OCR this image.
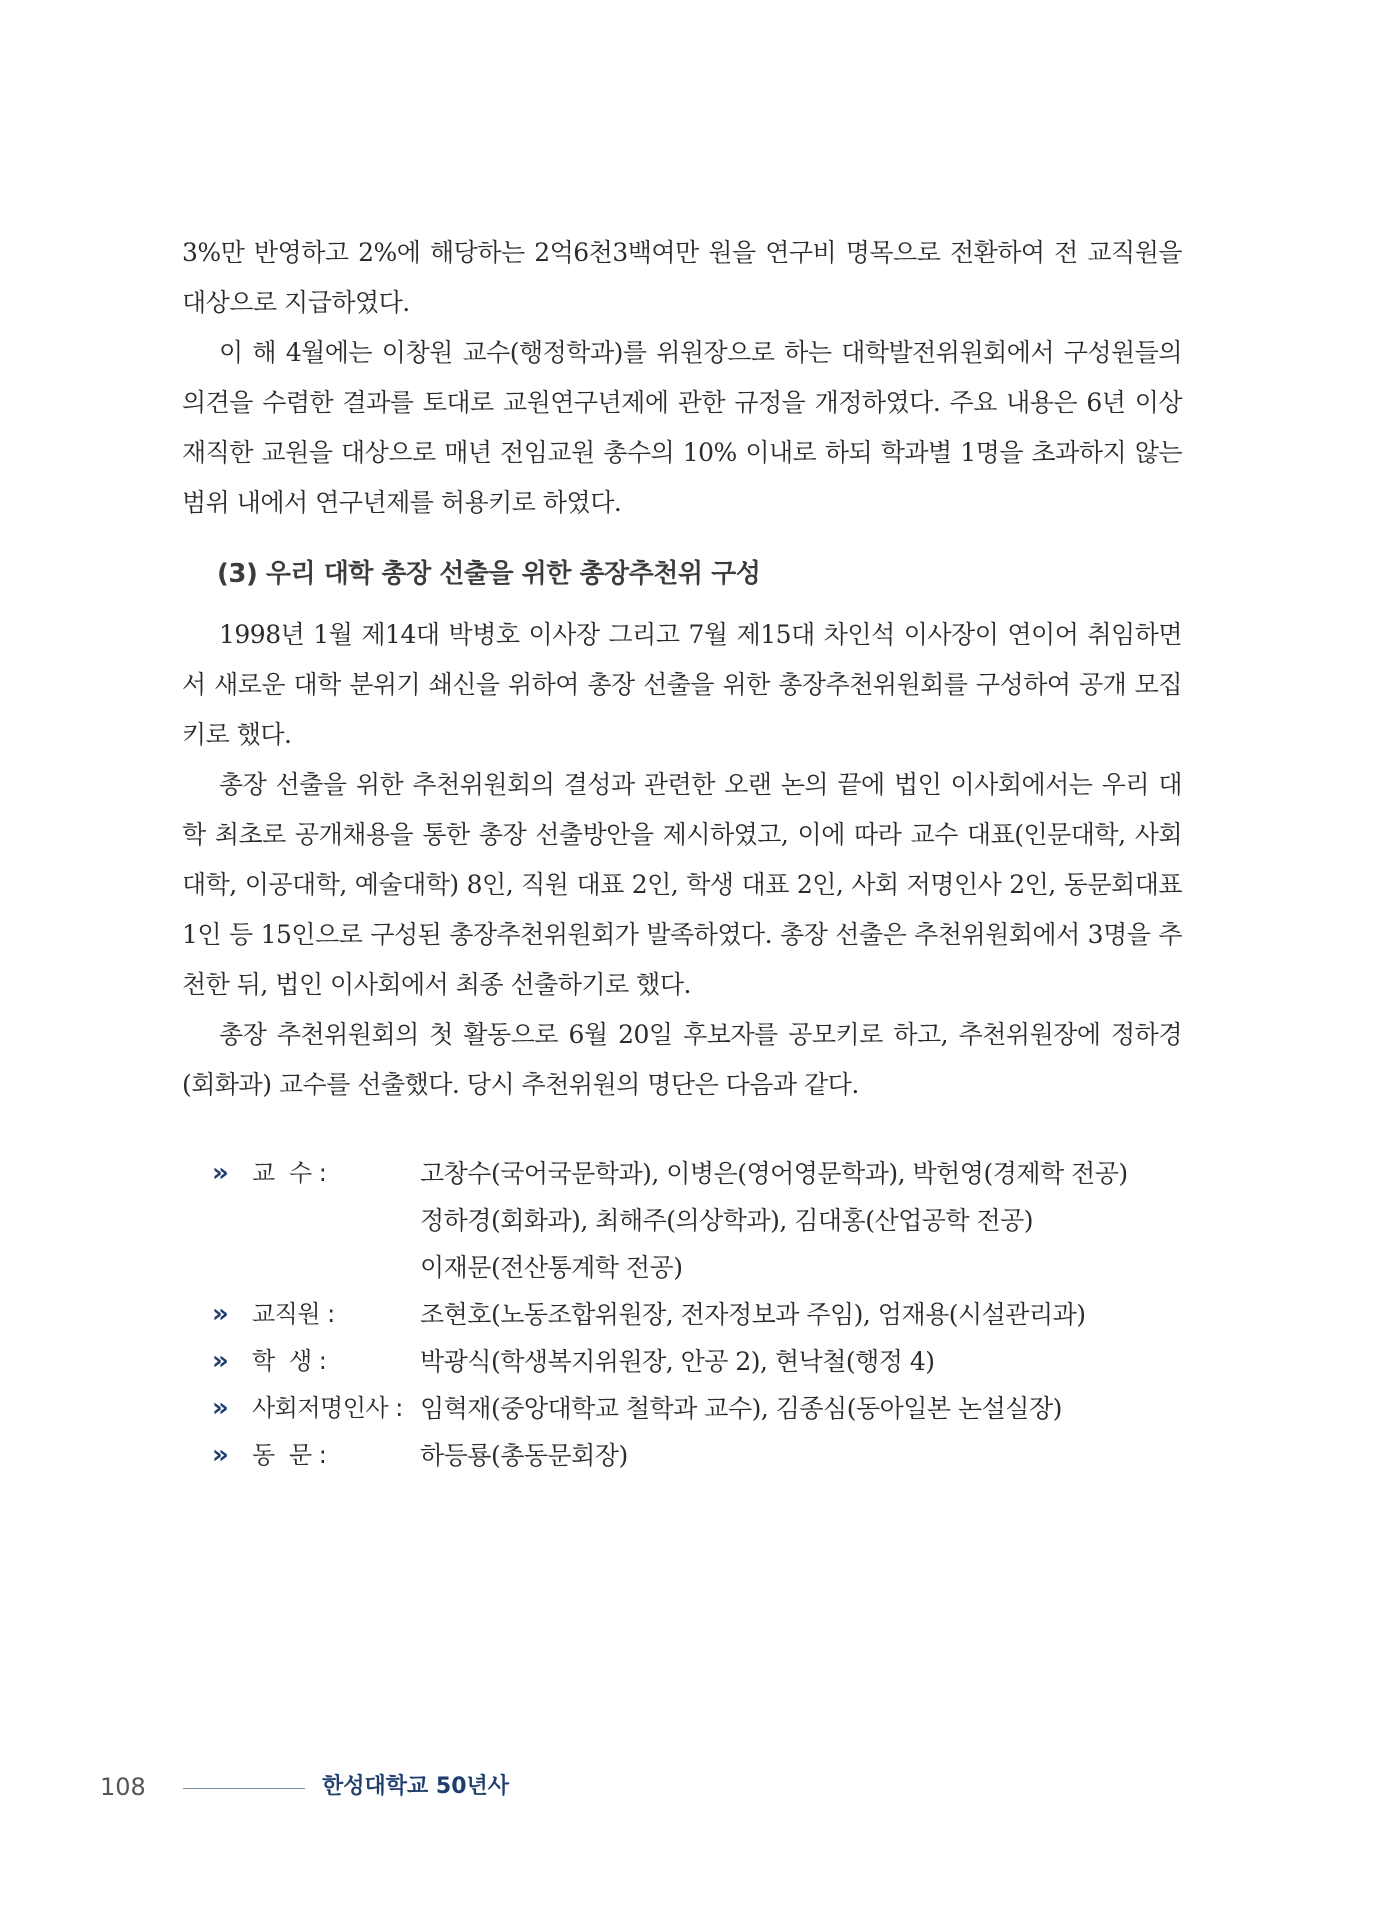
3%만 반영하고 2%에 해당하는 2억6천3백여만 원을 연구비 명목으로 전환하여 전 교직원을 대상으로 지급하였다.

이 해 4월에는 이창원 교수(행정학과)를 위원장으로 하는 대학발전위원회에서 구성원들의 의견을 수렴한 결과를 토대로 교원연구년제에 관한 규정을 개정하였다. 주요 내용은 6년 이상 재직한 교원을 대상으로 매년 전임교원 총수의 10% 이내로 하되 학과별 1명을 초과하지 않는 범위 내에서 연구년제를 허용키로 하였다.

(3) 우리 대학 총장 선출을 위한 총장추천위 구성

1998년 1월 제14대 박병호 이사장 그리고 7월 제15대 차인석 이사장이 연이어 취임하면서 새로운 대학 분위기 쇄신을 위하여 총장 선출을 위한 총장추천위원회를 구성하여 공개 모집키로 했다.

총장 선출을 위한 추천위원회의 결성과 관련한 오랜 논의 끝에 법인 이사회에서는 우리 대학 최초로 공개채용을 통한 총장 선출방안을 제시하였고, 이에 따라 교수 대표(인문대학, 사회대학, 이공대학, 예술대학) 8인, 직원 대표 2인, 학생 대표 2인, 사회 저명인사 2인, 동문회대표 1인 등 15인으로 구성된 총장추천위원회가 발족하였다. 총장 선출은 추천위원회에서 3명을 추천한 뒤, 법인 이사회에서 최종 선출하기로 했다.

총장 추천위원회의 첫 활동으로 6월 20일 후보자를 공모키로 하고, 추천위원장에 정하경(회화과) 교수를 선출했다. 당시 추천위원의 명단은 다음과 같다.

» 교  수 :	고창수(국어국문학과), 이병은(영어영문학과), 박헌영(경제학 전공)
정하경(회화과), 최해주(의상학과), 김대홍(산업공학 전공)
이재문(전산통계학 전공)
» 교직원 :	조현호(노동조합위원장, 전자정보과 주임), 엄재용(시설관리과)
» 학  생 :	박광식(학생복지위원장, 안공 2), 현낙철(행정 4)
» 사회저명인사 : 임혁재(중앙대학교 철학과 교수), 김종심(동아일본 논설실장)
» 동  문 :	하등룡(총동문회장)
108	한성대학교 50년사
